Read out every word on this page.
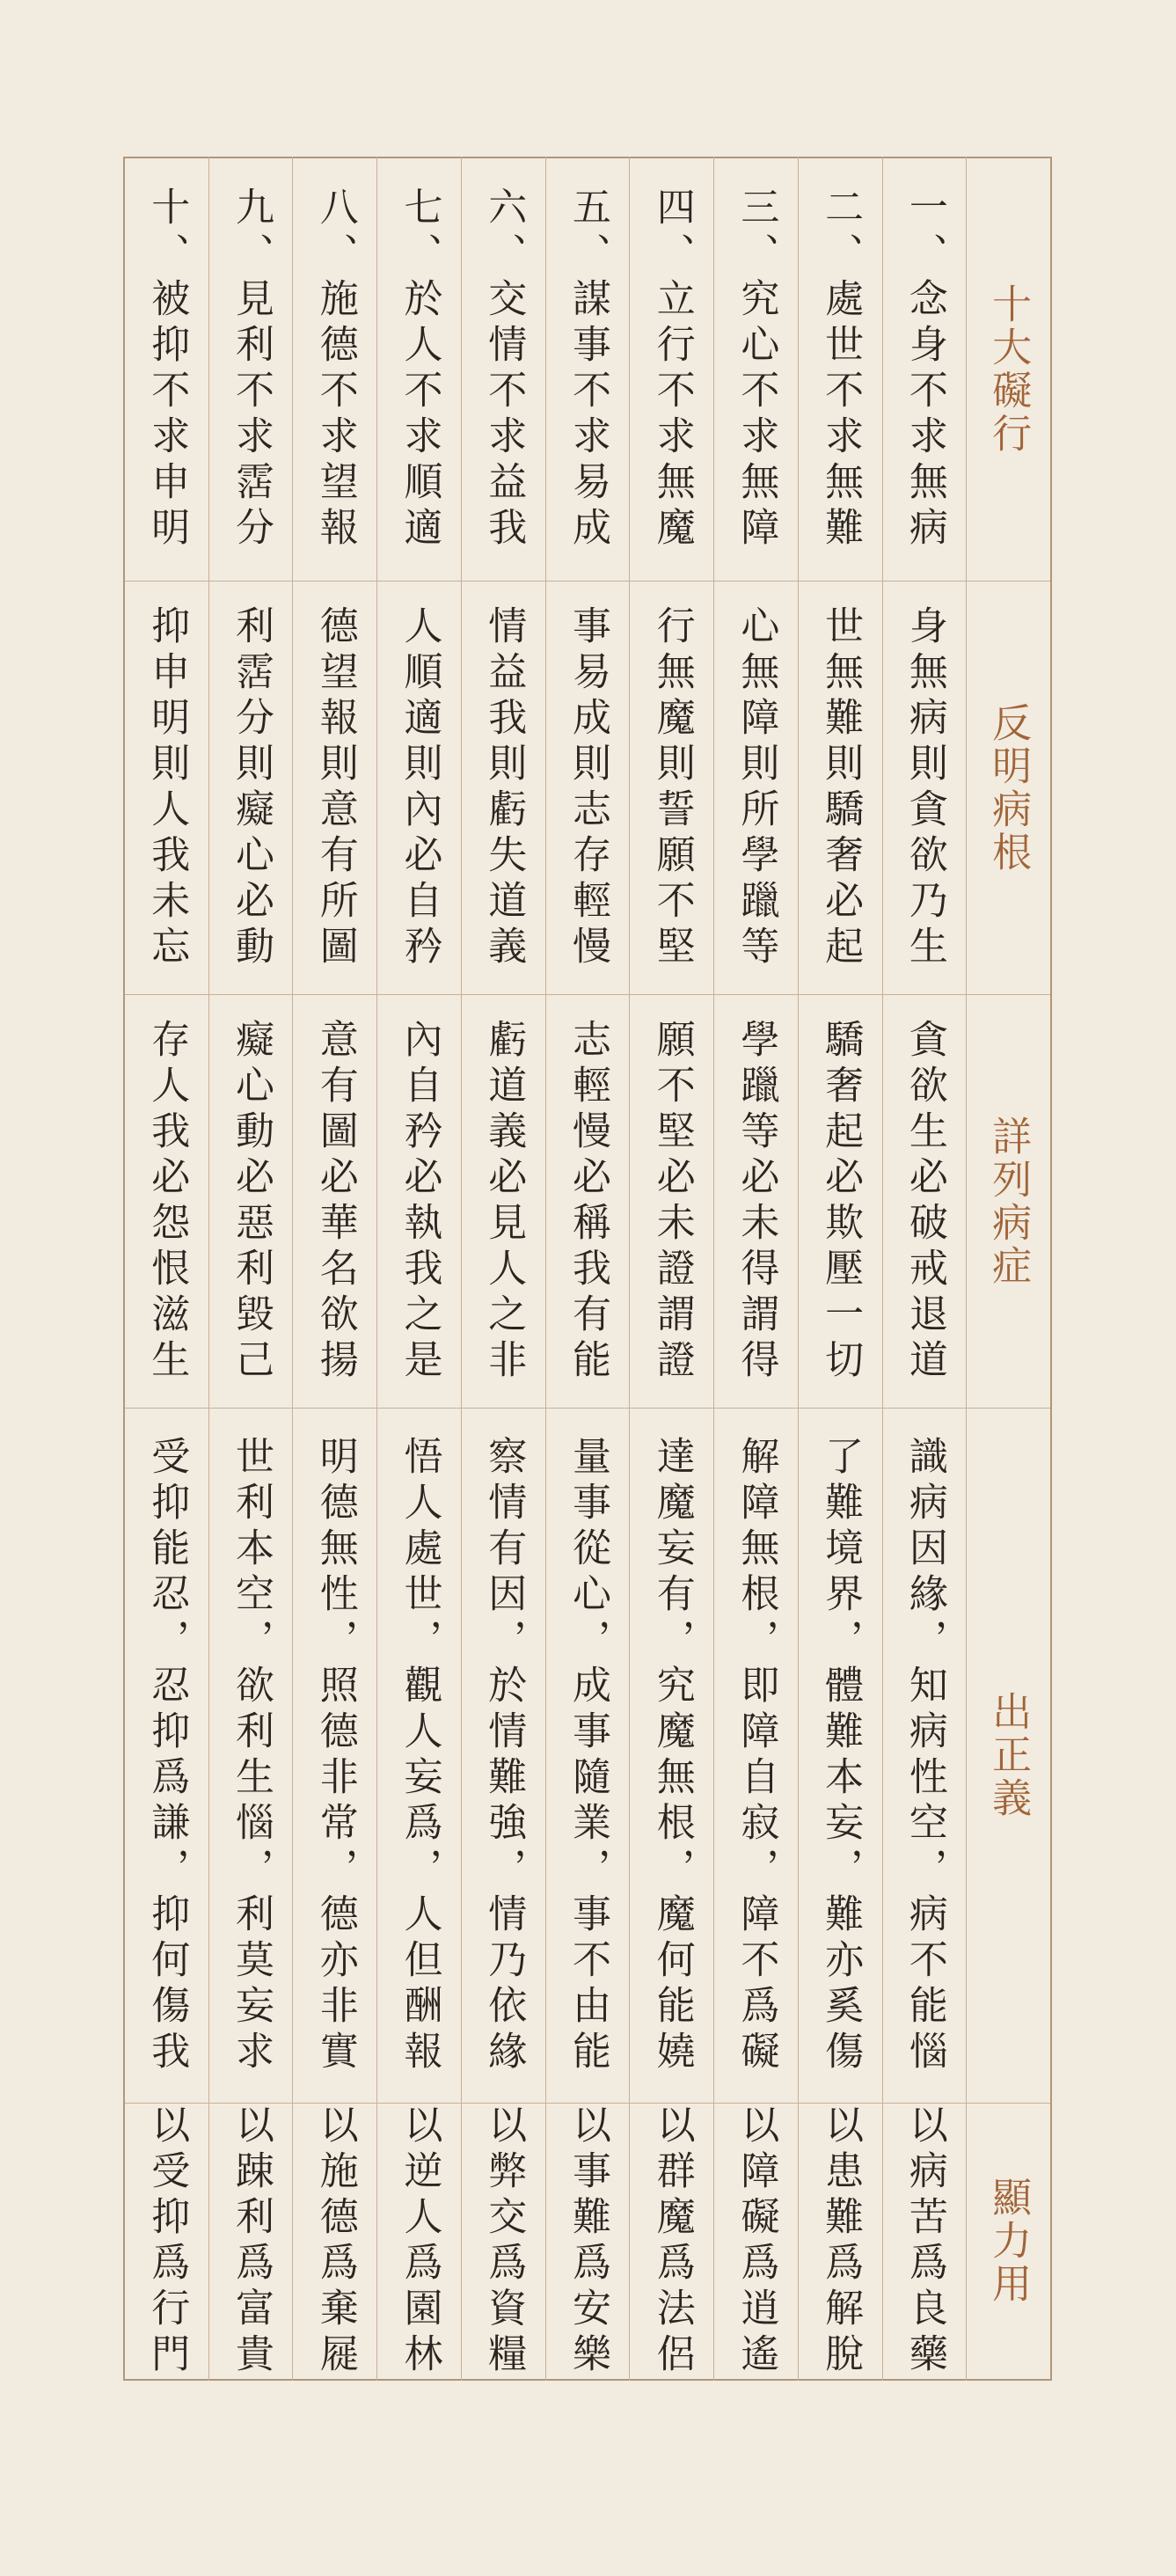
十大礙行
反明病根
詳列病症
出正義
顯力用
一、念身不求無病
身無病則貪欲乃生
貪欲生必破戒退道
識病因緣，知病性空，病不能惱
以病苦爲良藥
二、處世不求無難
世無難則驕奢必起
驕奢起必欺壓一切
了難境界，體難本妄，難亦奚傷
以患難爲解脫
三、究心不求無障
心無障則所學躐等
學躐等必未得謂得
解障無根，即障自寂，障不爲礙
以障礙爲逍遙
四、立行不求無魔
行無魔則誓願不堅
願不堅必未證謂證
達魔妄有，究魔無根，魔何能嬈
以群魔爲法侶
五、謀事不求易成
事易成則志存輕慢
志輕慢必稱我有能
量事從心，成事隨業，事不由能
以事難爲安樂
六、交情不求益我
情益我則虧失道義
虧道義必見人之非
察情有因，於情難強，情乃依緣
以弊交爲資糧
七、於人不求順適
人順適則內必自矜
內自矜必執我之是
悟人處世，觀人妄爲，人但酬報
以逆人爲園林
八、施德不求望報
德望報則意有所圖
意有圖必華名欲揚
明德無性，照德非常，德亦非實
以施德爲棄屣
九、見利不求霑分
利霑分則癡心必動
癡心動必惡利毀己
世利本空，欲利生惱，利莫妄求
以踈利爲富貴
十、被抑不求申明
抑申明則人我未忘
存人我必怨恨滋生
受抑能忍，忍抑爲謙，抑何傷我
以受抑爲行門
